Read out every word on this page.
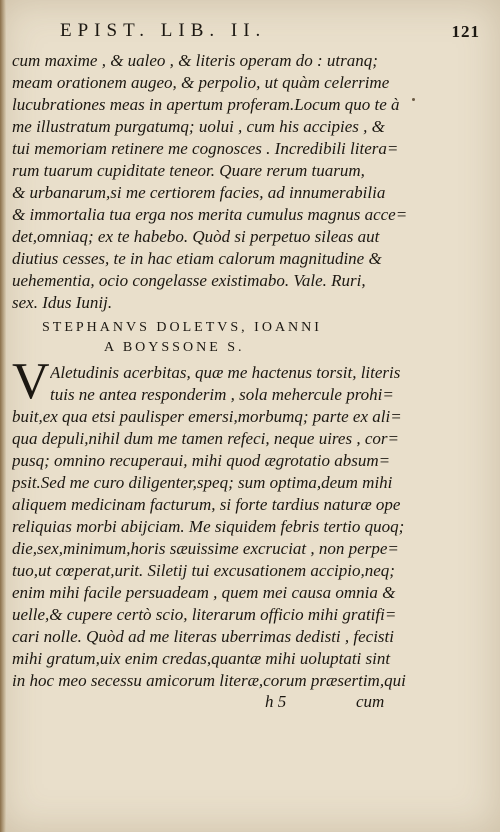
EPIST. LIB. II.	121
cum maxime , & ualeo , & literis operam do : utranq;
meam orationem augeo, & perpolio, ut quàm celerrime
lucubrationes meas in apertum proferam.Locum quo te à
me illustratum purgatumq; uolui , cum his accipies , &
tui memoriam retinere me cognosces . Incredibili litera=
rum tuarum cupiditate teneor. Quare rerum tuarum,
& urbanarum,si me certiorem facies, ad innumerabilia
& immortalia tua erga nos merita cumulus magnus acce=
det,omniaq; ex te habebo. Quòd si perpetuo sileas aut
diutius cesses, te in hac etiam calorum magnitudine &
uehementia, ocio congelasse existimabo. Vale. Ruri,
sex. Idus Iunij.
STEPHANVS DOLETVS, IOANNI
A BOYSSONE S.
V Aletudinis acerbitas, quæ me hactenus torsit, literis
tuis ne antea responderim , sola mehercule prohi=
buit,ex qua etsi paulisper emersi,morbumq; parte ex ali=
qua depuli,nihil dum me tamen refeci, neque uires , cor=
pusq; omnino recuperaui, mihi quod ægrotatio absum=
psit.Sed me curo diligenter,speq; sum optima,deum mihi
aliquem medicinam facturum, si forte tardius naturæ ope
reliquias morbi abijciam. Me siquidem febris tertio quoq;
die,sex,minimum,horis sæuissime excruciat , non perpe=
tuo,ut cœperat,urit. Siletij tui excusationem accipio,neq;
enim mihi facile persuadeam , quem mei causa omnia &
uelle,& cupere certò scio, literarum officio mihi gratifi=
cari nolle. Quòd ad me literas uberrimas dedisti , fecisti
mihi gratum,uix enim credas,quantæ mihi uoluptati sint
in hoc meo secessu amicorum literæ,corum præsertim,qui
h 5	cum
